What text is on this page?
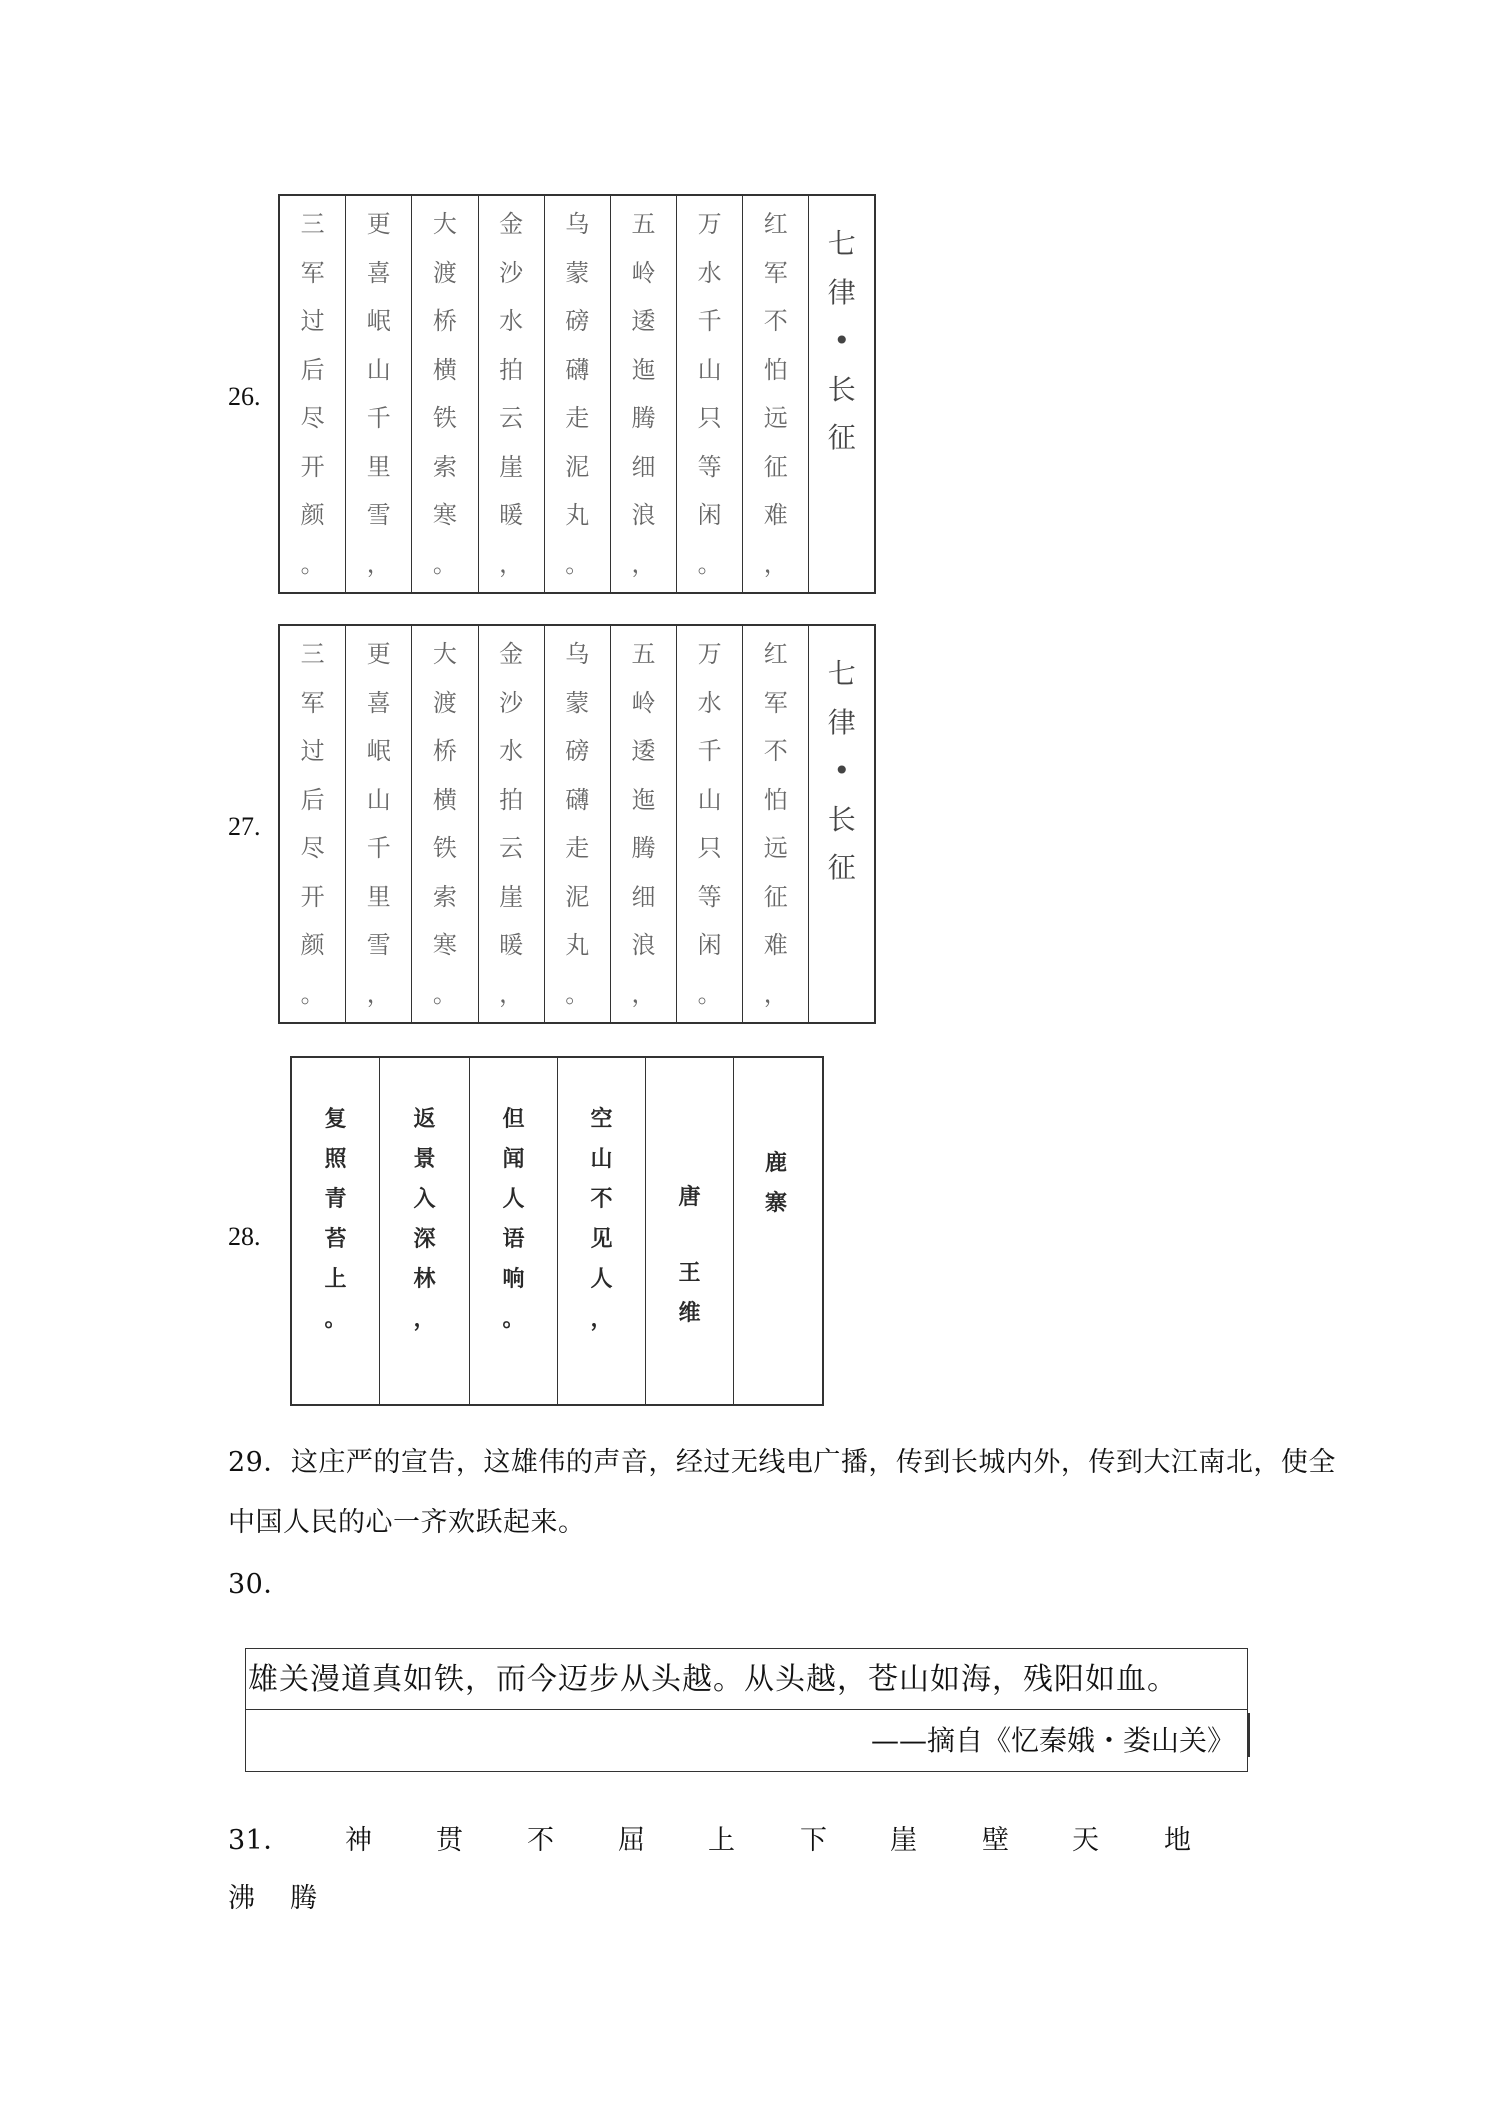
26.
三
军
过
后
尽
开
颜
。
更
喜
岷
山
千
里
雪
，
大
渡
桥
横
铁
索
寒
。
金
沙
水
拍
云
崖
暖
，
乌
蒙
磅
礴
走
泥
丸
。
五
岭
逶
迤
腾
细
浪
，
万
水
千
山
只
等
闲
。
红
军
不
怕
远
征
难
，
七
律
•
长
征
27.
三
军
过
后
尽
开
颜
。
更
喜
岷
山
千
里
雪
，
大
渡
桥
横
铁
索
寒
。
金
沙
水
拍
云
崖
暖
，
乌
蒙
磅
礴
走
泥
丸
。
五
岭
逶
迤
腾
细
浪
，
万
水
千
山
只
等
闲
。
红
军
不
怕
远
征
难
，
七
律
•
长
征
28.
复
照
青
苔
上
。
返
景
入
深
林
，
但
闻
人
语
响
。
空
山
不
见
人
，
唐
王
维
鹿
寨
29．这庄严的宣告，这雄伟的声音，经过无线电广播，传到长城内外，传到大江南北，使全
中国人民的心一齐欢跃起来。
30．
雄关漫道真如铁，而今迈步从头越。从头越，苍山如海，残阳如血。
——摘自《忆秦娥・娄山关》
31． 神 贯 不 屈 上 下 崖 壁 天 地
沸 腾
